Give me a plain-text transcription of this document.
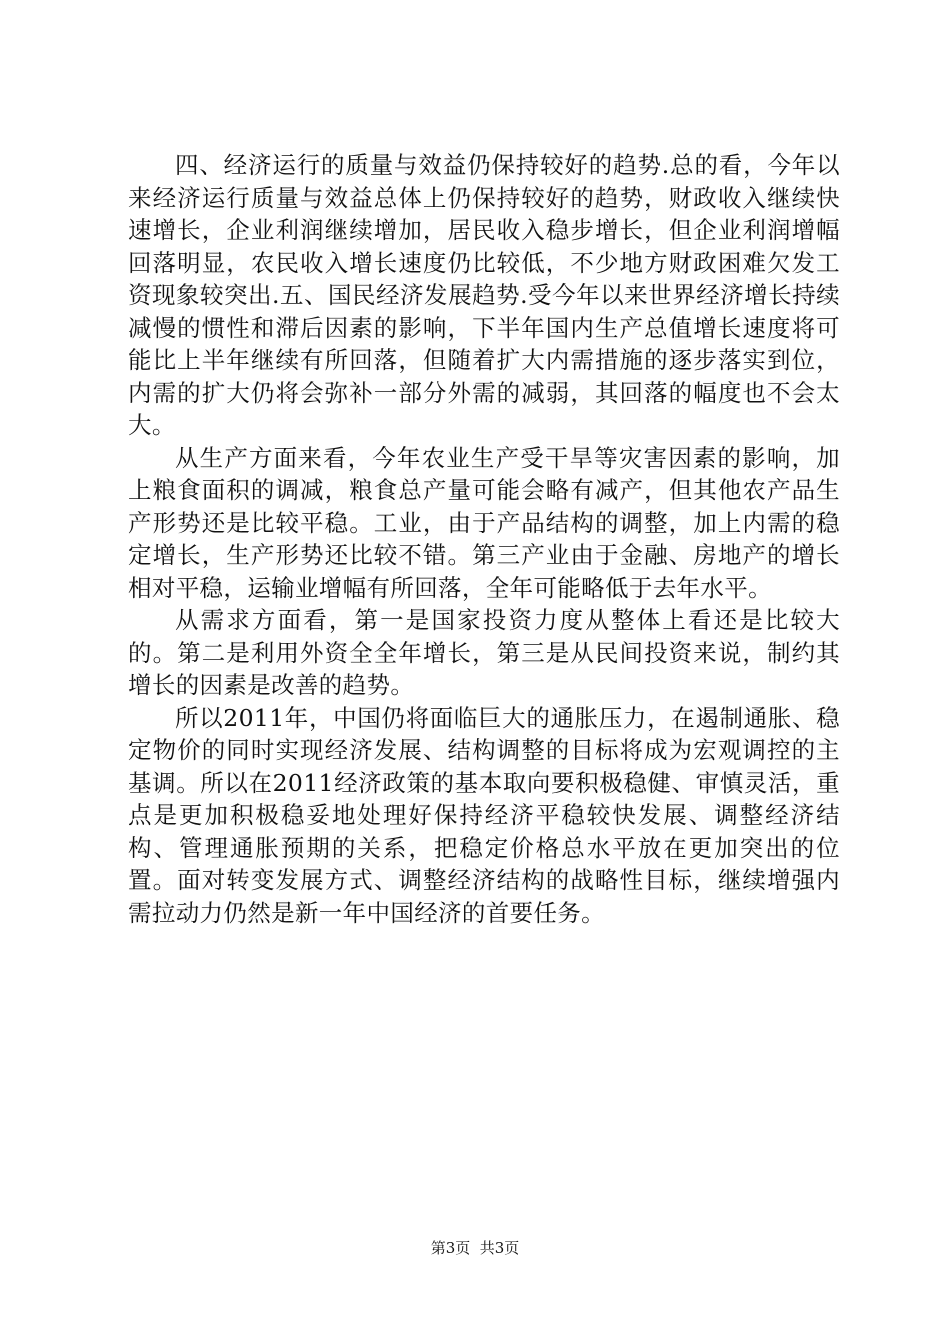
四、经济运行的质量与效益仍保持较好的趋势.总的看，今年以来经济运行质量与效益总体上仍保持较好的趋势，财政收入继续快速增长，企业利润继续增加，居民收入稳步增长，但企业利润增幅回落明显，农民收入增长速度仍比较低，不少地方财政困难欠发工资现象较突出.五、国民经济发展趋势.受今年以来世界经济增长持续减慢的惯性和滞后因素的影响，下半年国内生产总值增长速度将可能比上半年继续有所回落，但随着扩大内需措施的逐步落实到位，内需的扩大仍将会弥补一部分外需的减弱，其回落的幅度也不会太大。

从生产方面来看，今年农业生产受干旱等灾害因素的影响，加上粮食面积的调减，粮食总产量可能会略有减产，但其他农产品生产形势还是比较平稳。工业，由于产品结构的调整，加上内需的稳定增长，生产形势还比较不错。第三产业由于金融、房地产的增长相对平稳，运输业增幅有所回落，全年可能略低于去年水平。

从需求方面看，第一是国家投资力度从整体上看还是比较大的。第二是利用外资全全年增长，第三是从民间投资来说，制约其增长的因素是改善的趋势。

所以2011年，中国仍将面临巨大的通胀压力，在遏制通胀、稳定物价的同时实现经济发展、结构调整的目标将成为宏观调控的主基调。所以在2011经济政策的基本取向要积极稳健、审慎灵活，重点是更加积极稳妥地处理好保持经济平稳较快发展、调整经济结构、管理通胀预期的关系，把稳定价格总水平放在更加突出的位置。面对转变发展方式、调整经济结构的战略性目标，继续增强内需拉动力仍然是新一年中国经济的首要任务。

第3页  共3页
